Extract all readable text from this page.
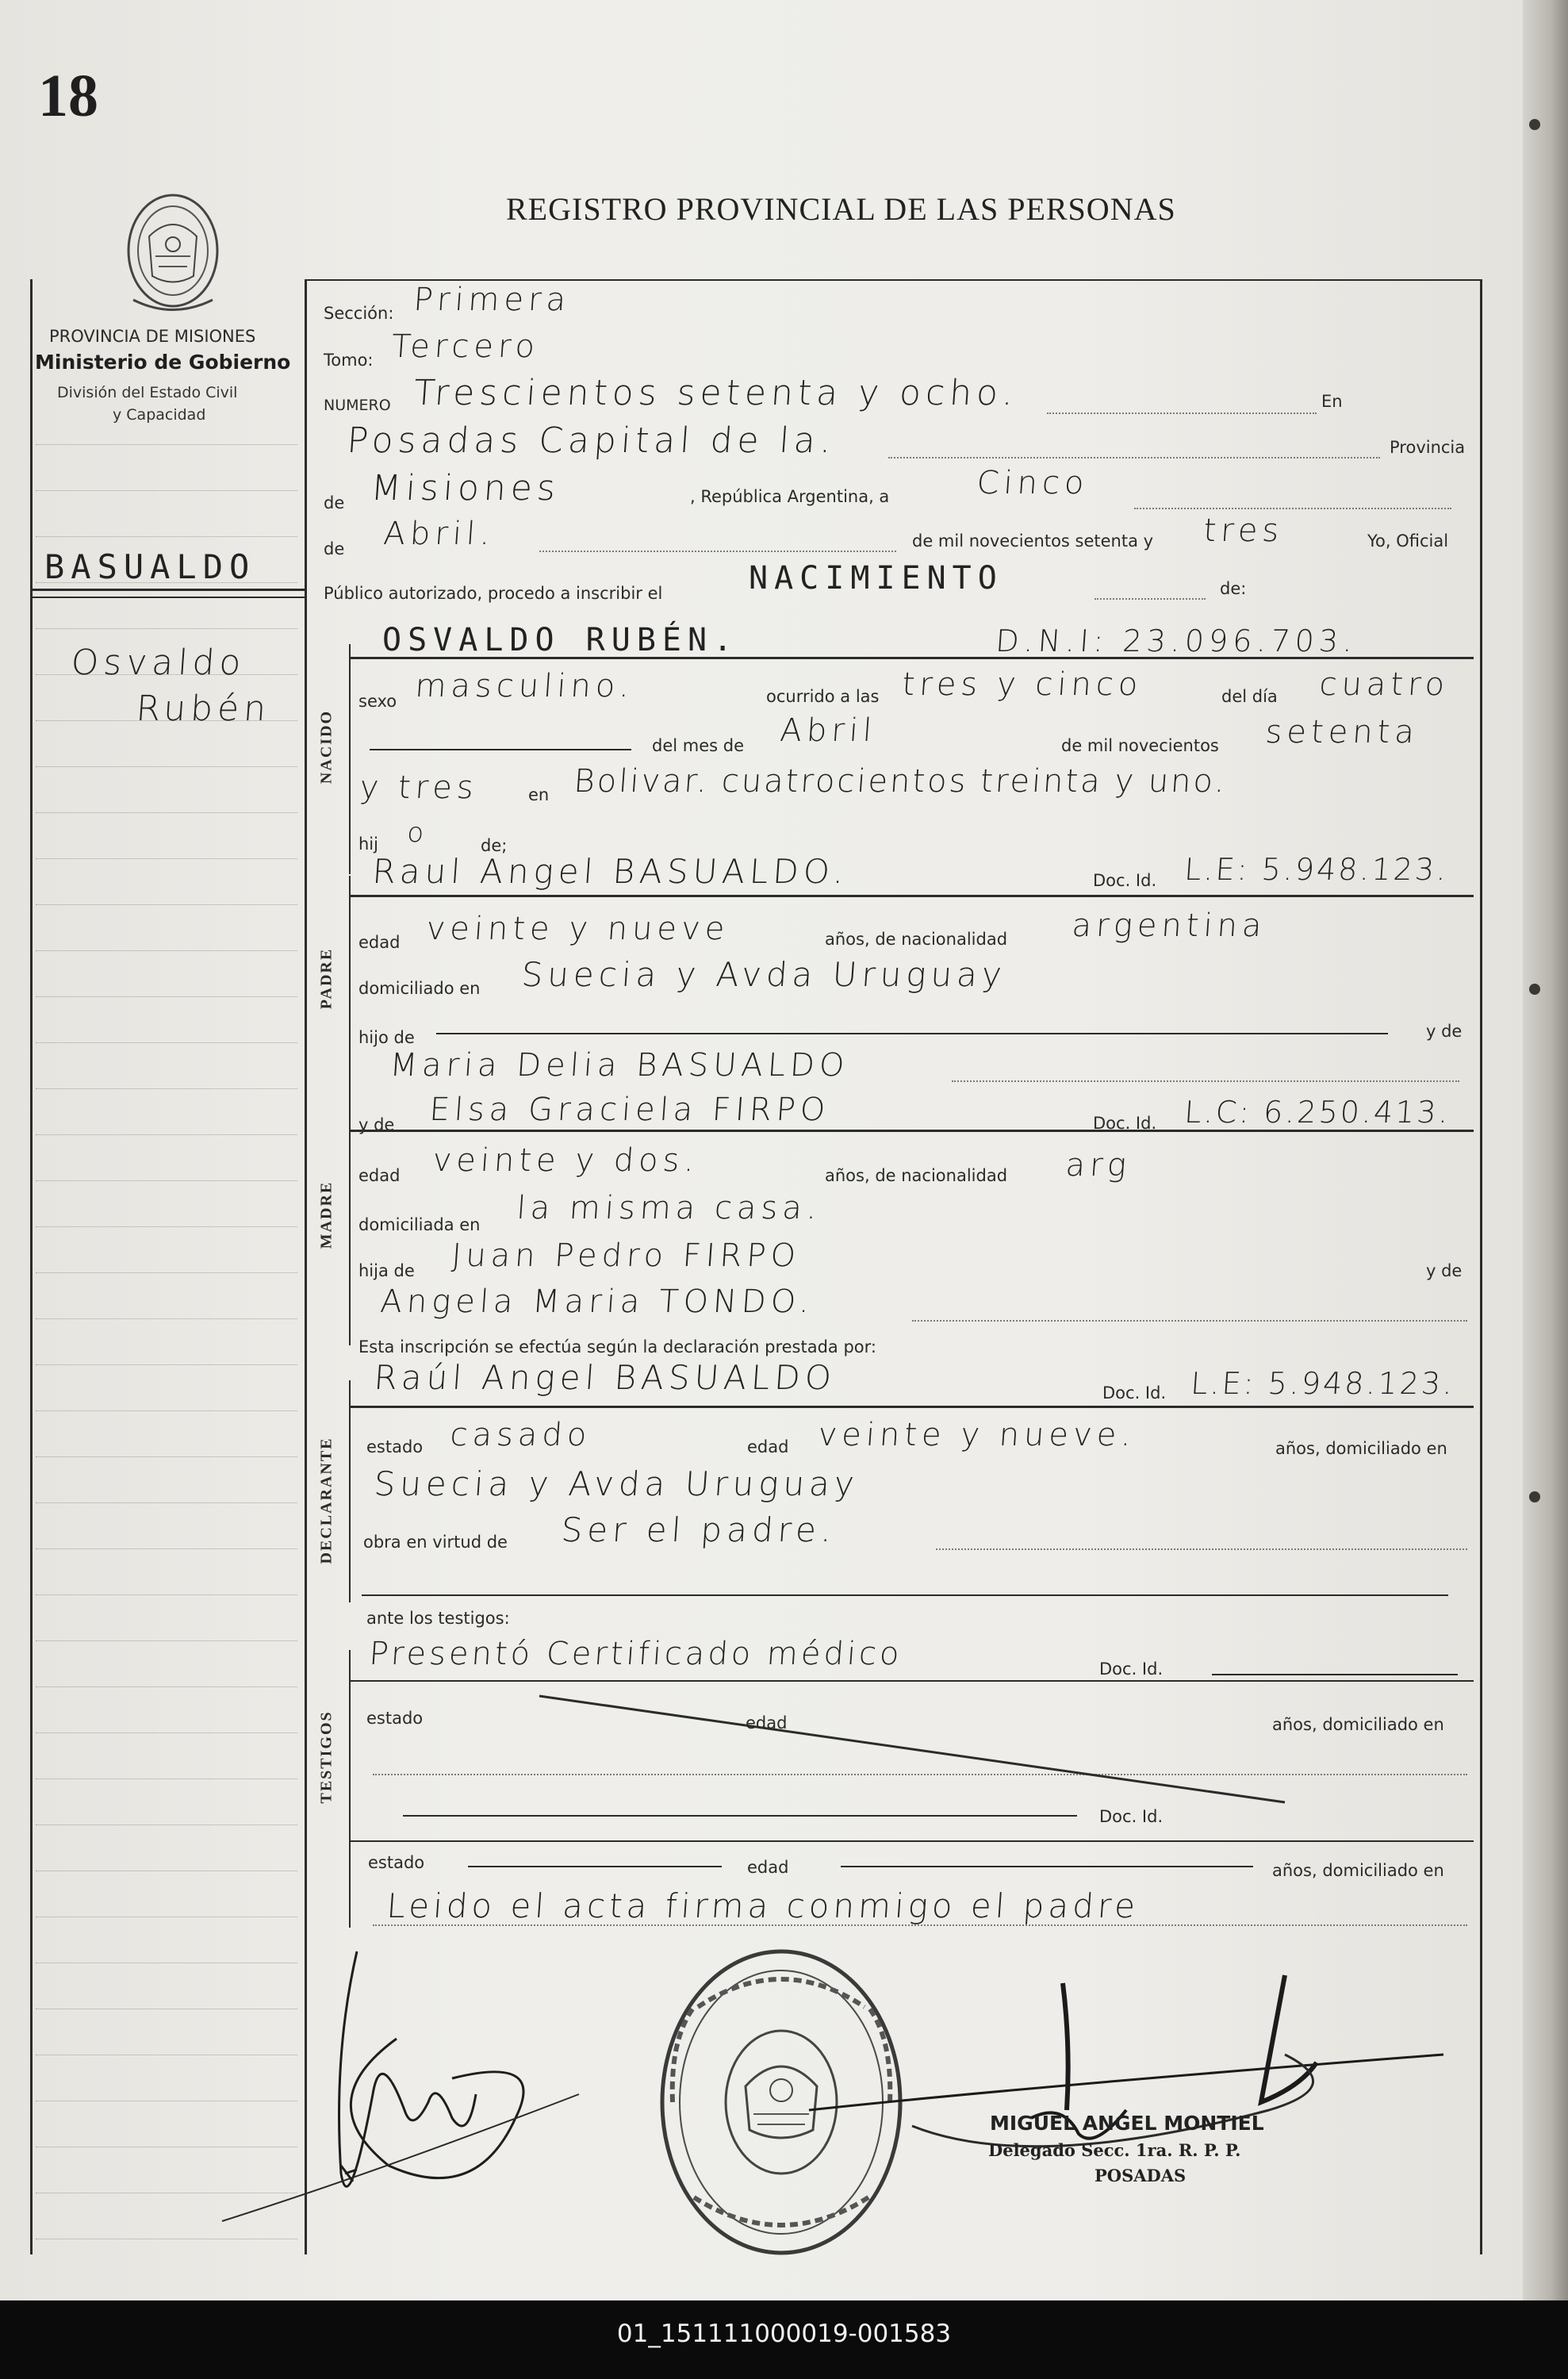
18
REGISTRO PROVINCIAL DE LAS PERSONAS
PROVINCIA DE MISIONES
Ministerio de Gobierno
División del Estado Civil
y Capacidad
BASUALDO
Osvaldo
Rubén
Sección: Primera
Tomo: Tercero
NUMERO Trescientos setenta y ocho.	En
Posadas Capital de la.	Provincia
de Misiones	, República Argentina, a	Cinco
de Abril.	de mil novecientos setenta y tres	Yo, Oficial
Público autorizado, procedo a inscribir el	NACIMIENTO	de:
NACIDO
OSVALDO RUBÉN.	D.N.I: 23.096.703.
sexo masculino.	ocurrido a las tres y cinco	del día cuatro
del mes de Abril	de mil novecientos setenta
y tres	en Bolivar. cuatrocientos treinta y uno.
hij o	de;
PADRE
Raul Angel BASUALDO.	Doc. Id. L.E: 5.948.123.
edad veinte y nueve	años, de nacionalidad argentina
domiciliado en Suecia y Avda Uruguay
hijo de	y de
Maria Delia BASUALDO
MADRE
y de Elsa Graciela FIRPO	Doc. Id. L.C: 6.250.413.
edad veinte y dos.	años, de nacionalidad arg
domiciliada en la misma casa.
hija de Juan Pedro FIRPO	y de
Angela Maria TONDO.
Esta inscripción se efectúa según la declaración prestada por:
DECLARANTE
Raúl Angel BASUALDO	Doc. Id. L.E: 5.948.123.
estado casado	edad veinte y nueve.	años, domiciliado en
Suecia y Avda Uruguay
obra en virtud de Ser el padre.
ante los testigos:
TESTIGOS
Presentó Certificado médico	Doc. Id.
estado	edad	años, domiciliado en
Doc. Id.
estado	edad	años, domiciliado en
Leido el acta firma conmigo el padre
MIGUEL ANGEL MONTIEL
Delegado Secc. 1ra. R. P. P.
POSADAS
01_151111000019-001583
